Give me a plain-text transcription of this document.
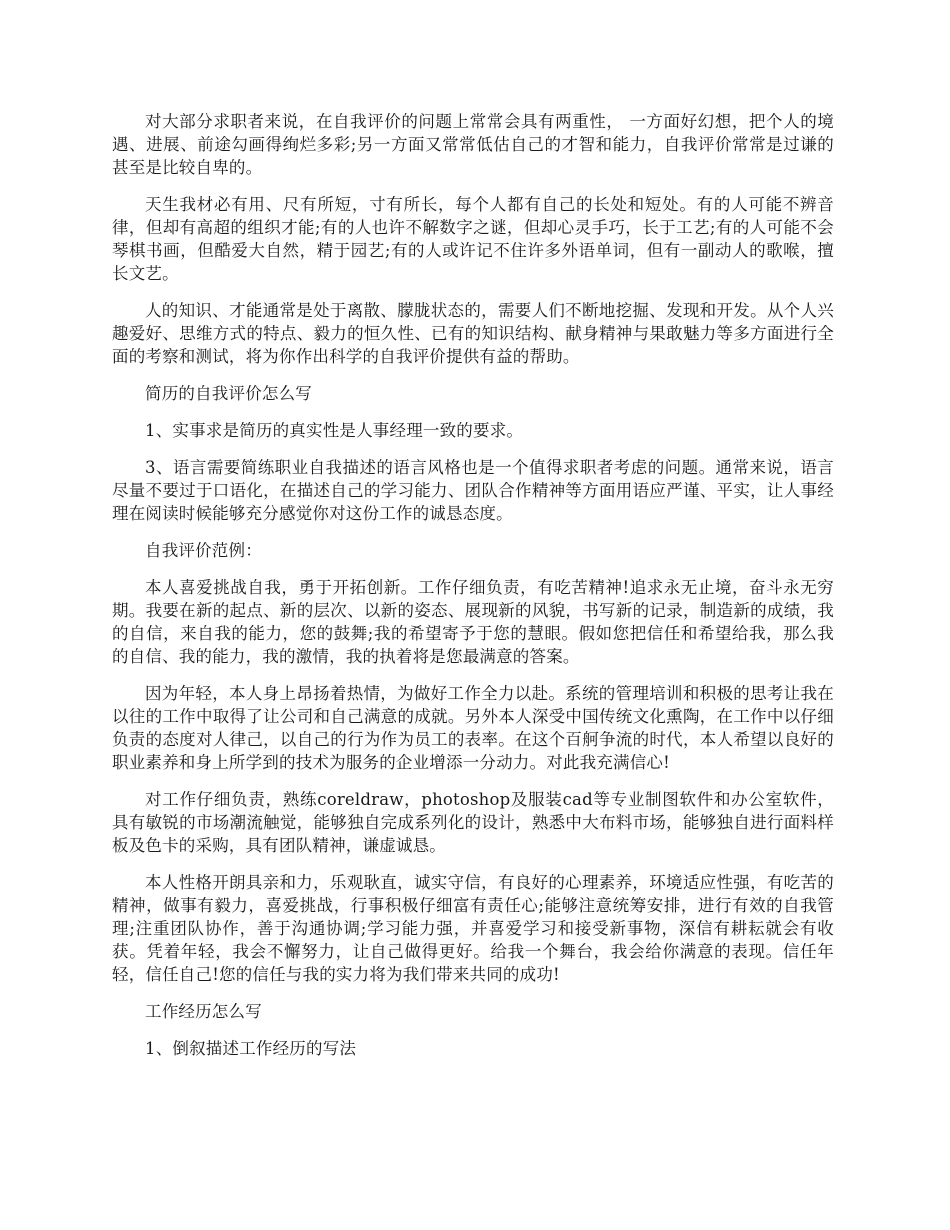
对大部分求职者来说，在自我评价的问题上常常会具有两重性， 一方面好幻想，把个人的境遇、进展、前途勾画得绚烂多彩;另一方面又常常低估自己的才智和能力，自我评价常常是过谦的甚至是比较自卑的。

天生我材必有用、尺有所短，寸有所长，每个人都有自己的长处和短处。有的人可能不辨音律，但却有高超的组织才能;有的人也许不解数字之谜，但却心灵手巧，长于工艺;有的人可能不会琴棋书画，但酷爱大自然，精于园艺;有的人或许记不住许多外语单词，但有一副动人的歌喉，擅长文艺。

人的知识、才能通常是处于离散、朦胧状态的，需要人们不断地挖掘、发现和开发。从个人兴趣爱好、思维方式的特点、毅力的恒久性、已有的知识结构、献身精神与果敢魅力等多方面进行全面的考察和测试，将为你作出科学的自我评价提供有益的帮助。

简历的自我评价怎么写

1、实事求是简历的真实性是人事经理一致的要求。

3、语言需要简练职业自我描述的语言风格也是一个值得求职者考虑的问题。通常来说，语言尽量不要过于口语化，在描述自己的学习能力、团队合作精神等方面用语应严谨、平实，让人事经理在阅读时候能够充分感觉你对这份工作的诚恳态度。

自我评价范例：

本人喜爱挑战自我，勇于开拓创新。工作仔细负责，有吃苦精神!追求永无止境，奋斗永无穷期。我要在新的起点、新的层次、以新的姿态、展现新的风貌，书写新的记录，制造新的成绩，我的自信，来自我的能力，您的鼓舞;我的希望寄予于您的慧眼。假如您把信任和希望给我，那么我的自信、我的能力，我的激情，我的执着将是您最满意的答案。

因为年轻，本人身上昂扬着热情，为做好工作全力以赴。系统的管理培训和积极的思考让我在以往的工作中取得了让公司和自己满意的成就。另外本人深受中国传统文化熏陶，在工作中以仔细负责的态度对人律己，以自己的行为作为员工的表率。在这个百舸争流的时代，本人希望以良好的职业素养和身上所学到的技术为服务的企业增添一分动力。对此我充满信心!

对工作仔细负责，熟练coreldraw，photoshop及服装cad等专业制图软件和办公室软件，具有敏锐的市场潮流触觉，能够独自完成系列化的设计，熟悉中大布料市场，能够独自进行面料样板及色卡的采购，具有团队精神，谦虚诚恳。

本人性格开朗具亲和力，乐观耿直，诚实守信，有良好的心理素养，环境适应性强，有吃苦的精神，做事有毅力，喜爱挑战，行事积极仔细富有责任心;能够注意统筹安排，进行有效的自我管理;注重团队协作，善于沟通协调;学习能力强，并喜爱学习和接受新事物，深信有耕耘就会有收获。凭着年轻，我会不懈努力，让自己做得更好。给我一个舞台，我会给你满意的表现。信任年轻，信任自己!您的信任与我的实力将为我们带来共同的成功!

工作经历怎么写

1、倒叙描述工作经历的写法
